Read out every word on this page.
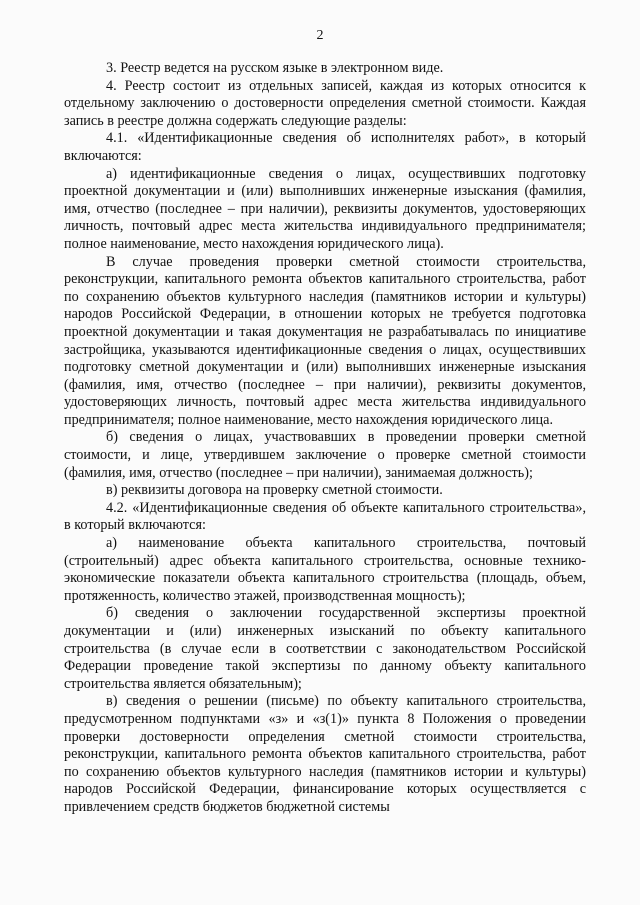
2

3. Реестр ведется на русском языке в электронном виде.

4. Реестр состоит из отдельных записей, каждая из которых относится к отдельному заключению о достоверности определения сметной стоимости. Каждая запись в реестре должна содержать следующие разделы:

4.1. «Идентификационные сведения об исполнителях работ», в который включаются:

а) идентификационные сведения о лицах, осуществивших подготовку проектной документации и (или) выполнивших инженерные изыскания (фамилия, имя, отчество (последнее – при наличии), реквизиты документов, удостоверяющих личность, почтовый адрес места жительства индивидуального предпринимателя; полное наименование, место нахождения юридического лица).

В случае проведения проверки сметной стоимости строительства, реконструкции, капитального ремонта объектов капитального строительства, работ по сохранению объектов культурного наследия (памятников истории и культуры) народов Российской Федерации, в отношении которых не требуется подготовка проектной документации и такая документация не разрабатывалась по инициативе застройщика, указываются идентификационные сведения о лицах, осуществивших подготовку сметной документации и (или) выполнивших инженерные изыскания (фамилия, имя, отчество (последнее – при наличии), реквизиты документов, удостоверяющих личность, почтовый адрес места жительства индивидуального предпринимателя; полное наименование, место нахождения юридического лица.

б) сведения о лицах, участвовавших в проведении проверки сметной стоимости, и лице, утвердившем заключение о проверке сметной стоимости (фамилия, имя, отчество (последнее – при наличии), занимаемая должность);

в) реквизиты договора на проверку сметной стоимости.

4.2. «Идентификационные сведения об объекте капитального строительства», в который включаются:

а) наименование объекта капитального строительства, почтовый (строительный) адрес объекта капитального строительства, основные технико-экономические показатели объекта капитального строительства (площадь, объем, протяженность, количество этажей, производственная мощность);

б) сведения о заключении государственной экспертизы проектной документации и (или) инженерных изысканий по объекту капитального строительства (в случае если в соответствии с законодательством Российской Федерации проведение такой экспертизы по данному объекту капитального строительства является обязательным);

в) сведения о решении (письме) по объекту капитального строительства, предусмотренном подпунктами «з» и «з(1)» пункта 8 Положения о проведении проверки достоверности определения сметной стоимости строительства, реконструкции, капитального ремонта объектов капитального строительства, работ по сохранению объектов культурного наследия (памятников истории и культуры) народов Российской Федерации, финансирование которых осуществляется с привлечением средств бюджетов бюджетной системы
